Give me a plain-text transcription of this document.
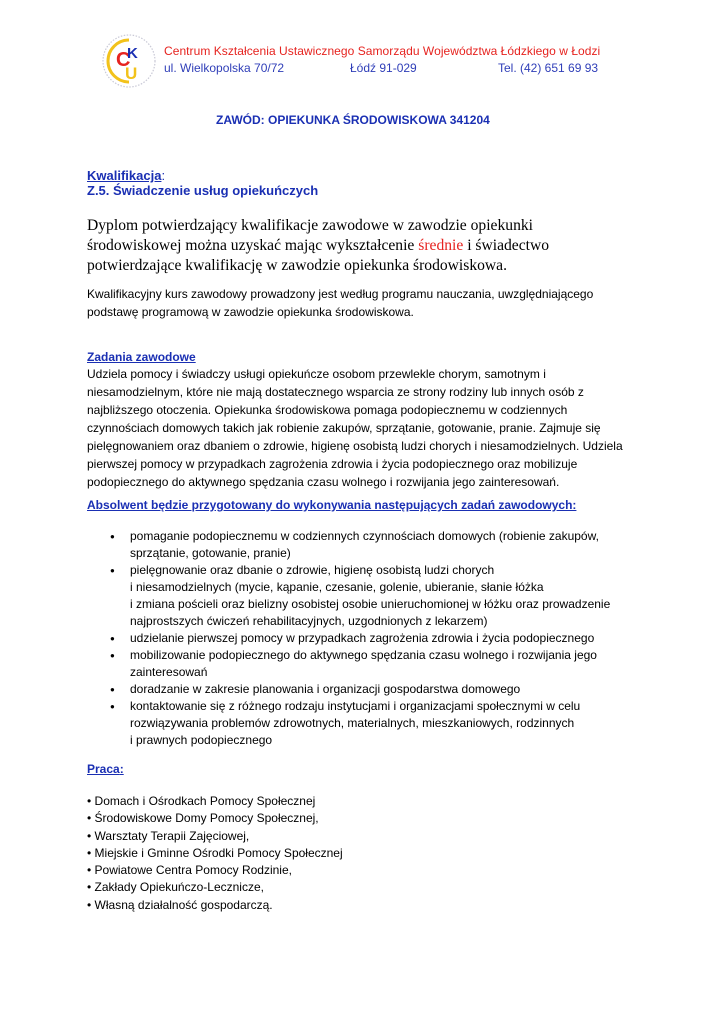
C
K
U
Centrum Kształcenia Ustawicznego Samorządu Województwa Łódzkiego w Łodzi
ul. Wielkopolska 70/72	Łódź 91-029	Tel. (42) 651 69 93
ZAWÓD: OPIEKUNKA ŚRODOWISKOWA 341204
Kwalifikacja:
Z.5. Świadczenie usług opiekuńczych
Dyplom potwierdzający kwalifikacje zawodowe w zawodzie opiekunki środowiskowej można uzyskać mając wykształcenie średnie i świadectwo potwierdzające kwalifikację w zawodzie opiekunka środowiskowa.
Kwalifikacyjny kurs zawodowy prowadzony jest według programu nauczania, uwzględniającego podstawę programową w zawodzie opiekunka środowiskowa.
Zadania zawodowe
Udziela pomocy i świadczy usługi opiekuńcze osobom przewlekle chorym, samotnym i niesamodzielnym, które nie mają dostatecznego wsparcia ze strony rodziny lub innych osób z najbliższego otoczenia. Opiekunka środowiskowa pomaga podopiecznemu w codziennych czynnościach domowych takich jak robienie zakupów, sprzątanie, gotowanie, pranie. Zajmuje się pielęgnowaniem oraz dbaniem o zdrowie, higienę osobistą ludzi chorych i niesamodzielnych. Udziela pierwszej pomocy w przypadkach zagrożenia zdrowia i życia podopiecznego oraz mobilizuje podopiecznego do aktywnego spędzania czasu wolnego i rozwijania jego zainteresowań.
Absolwent będzie przygotowany do wykonywania następujących zadań zawodowych:
● pomaganie podopiecznemu w codziennych czynnościach domowych (robienie zakupów, sprzątanie, gotowanie, pranie)
● pielęgnowanie oraz dbanie o zdrowie, higienę osobistą ludzi chorych
i niesamodzielnych (mycie, kąpanie, czesanie, golenie, ubieranie, słanie łóżka
i zmiana pościeli oraz bielizny osobistej osobie unieruchomionej w łóżku oraz prowadzenie najprostszych ćwiczeń rehabilitacyjnych, uzgodnionych z lekarzem)
● udzielanie pierwszej pomocy w przypadkach zagrożenia zdrowia i życia podopiecznego
● mobilizowanie podopiecznego do aktywnego spędzania czasu wolnego i rozwijania jego zainteresowań
● doradzanie w zakresie planowania i organizacji gospodarstwa domowego
● kontaktowanie się z różnego rodzaju instytucjami i organizacjami społecznymi w celu rozwiązywania problemów zdrowotnych, materialnych, mieszkaniowych, rodzinnych
i prawnych podopiecznego
Praca:
• Domach i Ośrodkach Pomocy Społecznej
• Środowiskowe Domy Pomocy Społecznej,
• Warsztaty Terapii Zajęciowej,
• Miejskie i Gminne Ośrodki Pomocy Społecznej
• Powiatowe Centra Pomocy Rodzinie,
• Zakłady Opiekuńczo-Lecznicze,
• Własną działalność gospodarczą.
